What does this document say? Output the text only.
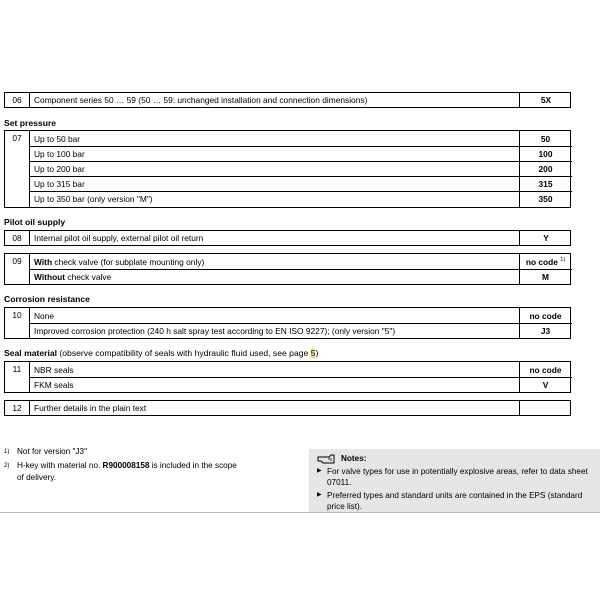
06	Component series 50 … 59 (50 … 59: unchanged installation and connection dimensions)	5X
Set pressure
07	Up to 50 bar	50
Up to 100 bar	100
Up to 200 bar	200
Up to 315 bar	315
Up to 350 bar (only version "M")	350
Pilot oil supply
08	Internal pilot oil supply, external pilot oil return	Y
09	With check valve (for subplate mounting only)	no code $^{1)}$
Without check valve	M
Corrosion resistance
10	None	no code
Improved corrosion protection (240 h salt spray test according to EN ISO 9227); (only version "5")	J3
Seal material (observe compatibility of seals with hydraulic fluid used, see page 5)
11	NBR seals	no code
FKM seals	V
12	Further details in the plain text
1) Not for version "J3"
2) H-key with material no. R900008158 is included in the scope
of delivery.
Notes:
▶ For valve types for use in potentially explosive areas, refer to data sheet 07011.
▶ Preferred types and standard units are contained in the EPS (standard price list).
